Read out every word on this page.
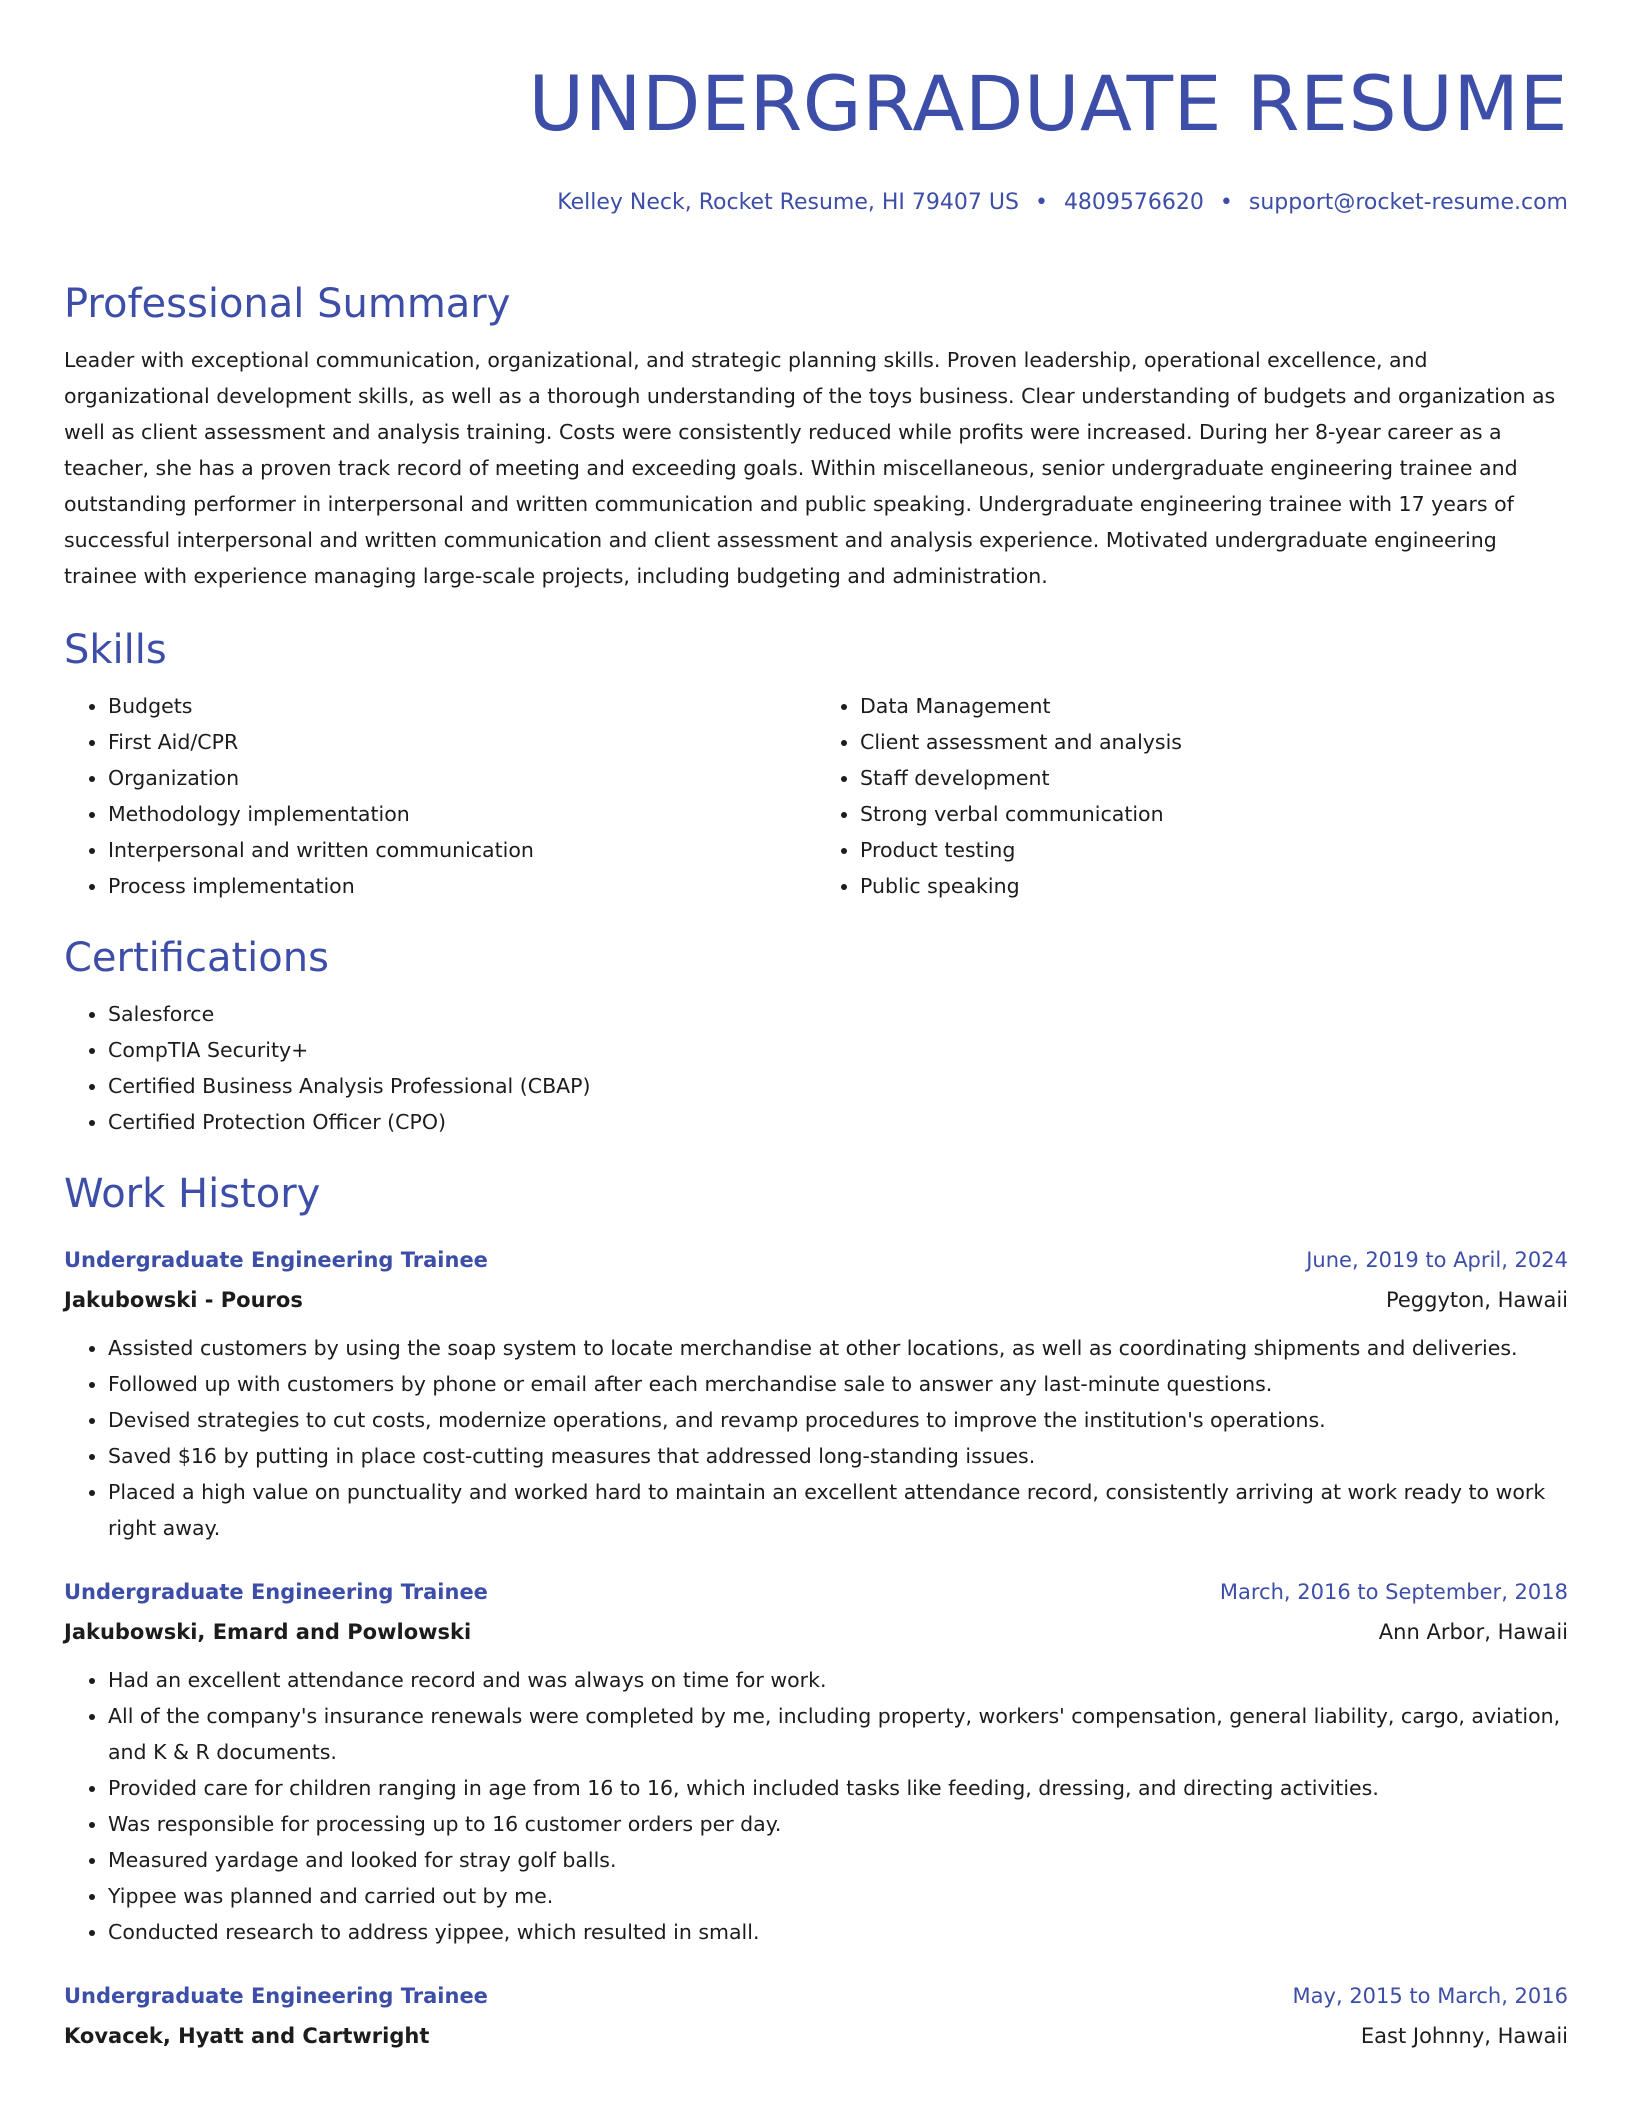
UNDERGRADUATE RESUME
Kelley Neck, Rocket Resume, HI 79407 US • 4809576620 • support@rocket-resume.com
Professional Summary

Leader with exceptional communication, organizational, and strategic planning skills. Proven leadership, operational excellence, and organizational development skills, as well as a thorough understanding of the toys business. Clear understanding of budgets and organization as well as client assessment and analysis training. Costs were consistently reduced while profits were increased. During her 8-year career as a teacher, she has a proven track record of meeting and exceeding goals. Within miscellaneous, senior undergraduate engineering trainee and outstanding performer in interpersonal and written communication and public speaking. Undergraduate engineering trainee with 17 years of successful interpersonal and written communication and client assessment and analysis experience. Motivated undergraduate engineering trainee with experience managing large-scale projects, including budgeting and administration.

Skills
• Budgets
• First Aid/CPR
• Organization
• Methodology implementation
• Interpersonal and written communication
• Process implementation
• Data Management
• Client assessment and analysis
• Staff development
• Strong verbal communication
• Product testing
• Public speaking
Certifications
• Salesforce
• CompTIA Security+
• Certified Business Analysis Professional (CBAP)
• Certified Protection Officer (CPO)
Work History
Undergraduate Engineering Trainee	June, 2019 to April, 2024
Jakubowski - Pouros	Peggyton, Hawaii
• Assisted customers by using the soap system to locate merchandise at other locations, as well as coordinating shipments and deliveries.
• Followed up with customers by phone or email after each merchandise sale to answer any last-minute questions.
• Devised strategies to cut costs, modernize operations, and revamp procedures to improve the institution's operations.
• Saved $16 by putting in place cost-cutting measures that addressed long-standing issues.
• Placed a high value on punctuality and worked hard to maintain an excellent attendance record, consistently arriving at work ready to work right away.
Undergraduate Engineering Trainee	March, 2016 to September, 2018
Jakubowski, Emard and Powlowski	Ann Arbor, Hawaii
• Had an excellent attendance record and was always on time for work.
• All of the company's insurance renewals were completed by me, including property, workers' compensation, general liability, cargo, aviation, and K & R documents.
• Provided care for children ranging in age from 16 to 16, which included tasks like feeding, dressing, and directing activities.
• Was responsible for processing up to 16 customer orders per day.
• Measured yardage and looked for stray golf balls.
• Yippee was planned and carried out by me.
• Conducted research to address yippee, which resulted in small.
Undergraduate Engineering Trainee	May, 2015 to March, 2016
Kovacek, Hyatt and Cartwright	East Johnny, Hawaii
